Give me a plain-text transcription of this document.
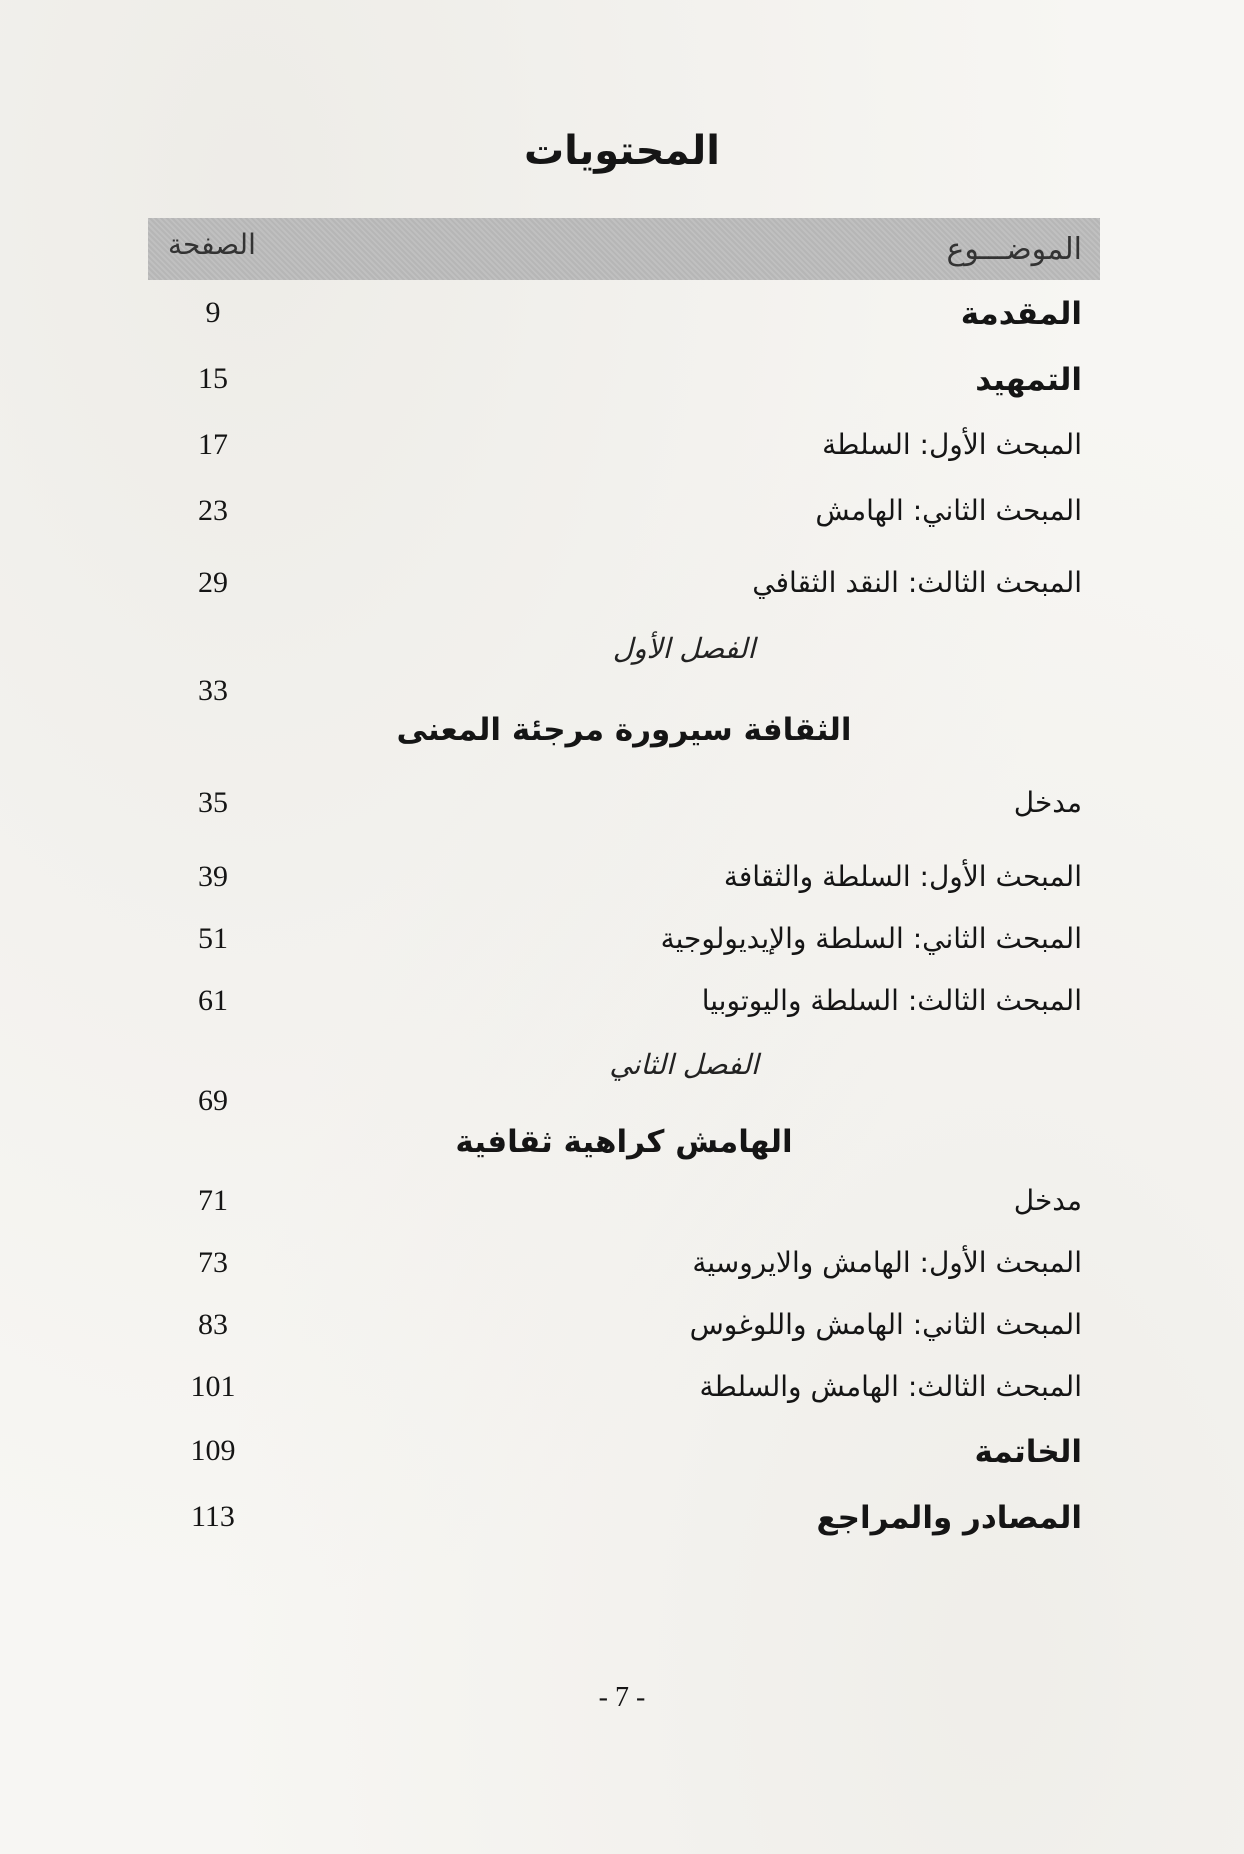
المحتويات
الموضـــوع
الصفحة
المقدمة
9
التمهيد
15
المبحث الأول: السلطة
17
المبحث الثاني: الهامش
23
المبحث الثالث: النقد الثقافي
29
الفصل الأول
33
الثقافة سيرورة مرجئة المعنى
مدخل
35
المبحث الأول: السلطة والثقافة
39
المبحث الثاني: السلطة والإيديولوجية
51
المبحث الثالث: السلطة واليوتوبيا
61
الفصل الثاني
69
الهامش كراهية ثقافية
مدخل
71
المبحث الأول: الهامش والايروسية
73
المبحث الثاني: الهامش واللوغوس
83
المبحث الثالث: الهامش والسلطة
101
الخاتمة
109
المصادر والمراجع
113
- 7 -
